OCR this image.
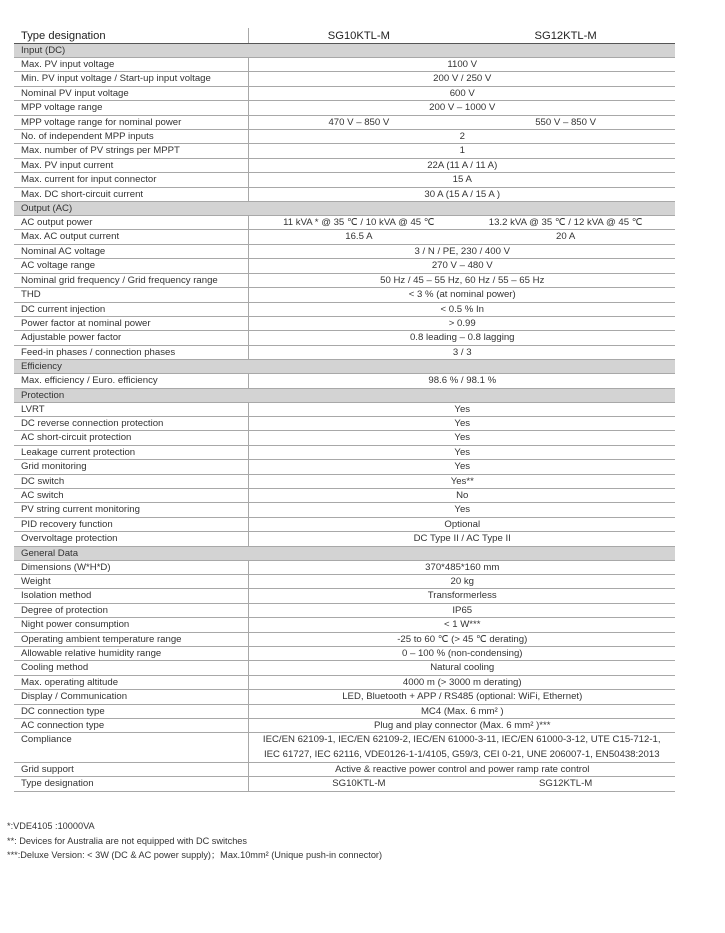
Type designation	SG10KTL-M SG12KTL-M

Input (DC)	
Max. PV input voltage	1100 V
Min. PV input voltage / Start-up input voltage	200 V / 250 V
Nominal PV input voltage	600 V
MPP voltage range	200 V – 1000 V
MPP voltage range for nominal power	470 V – 850 V 550 V – 850 V

No. of independent MPP inputs	2
Max. number of PV strings per MPPT	1
Max. PV input current	22A (11 A / 11 A)
Max. current for input connector	15 A
Max. DC short-circuit current	30 A (15 A / 15 A )
Output (AC)	
AC output power	11 kVA * @ 35 ℃ / 10 kVA @ 45 ℃ 13.2 kVA @ 35 ℃ / 12 kVA @ 45 ℃

Max. AC output current	16.5 A 20 A

Nominal AC voltage	3 / N / PE, 230 / 400 V
AC voltage range	270 V – 480 V
Nominal grid frequency / Grid frequency range	50 Hz / 45 – 55 Hz, 60 Hz / 55 – 65 Hz
THD	< 3 % (at nominal power)
DC current injection	< 0.5 % In
Power factor at nominal power	> 0.99
Adjustable power factor	0.8 leading – 0.8 lagging
Feed-in phases / connection phases	3 / 3
Efficiency	
Max. efficiency / Euro. efficiency	98.6 % / 98.1 %
Protection	
LVRT	Yes
DC reverse connection protection	Yes
AC short-circuit protection	Yes
Leakage current protection	Yes
Grid monitoring	Yes
DC switch	Yes**
AC switch	No
PV string current monitoring	Yes
PID recovery function	Optional
Overvoltage protection	DC Type II / AC Type II
General Data	
Dimensions (W*H*D)	370*485*160 mm
Weight	20 kg
Isolation method	Transformerless
Degree of protection	IP65
Night power consumption	< 1 W***
Operating ambient temperature range	-25 to 60 ℃ (> 45 ℃ derating)
Allowable relative humidity range	0 – 100 % (non-condensing)
Cooling method	Natural cooling
Max. operating altitude	4000 m (> 3000 m derating)
Display / Communication	LED, Bluetooth + APP / RS485 (optional: WiFi, Ethernet)
DC connection type	MC4 (Max. 6 mm² )
AC connection type	Plug and play connector (Max. 6 mm² )***
Compliance	IEC/EN 62109-1, IEC/EN 62109-2, IEC/EN 61000-3-11, IEC/EN 61000-3-12, UTE C15-712-1, IEC 61727, IEC 62116, VDE0126-1-1/4105, G59/3, CEI 0-21, UNE 206007-1, EN50438:2013
Grid support	Active & reactive power control and power ramp rate control
Type designation	SG10KTL-M SG12KTL-M
*:VDE4105 :10000VA
**: Devices for Australia are not equipped with DC switches
***:Deluxe Version: < 3W (DC & AC power supply)；Max.10mm² (Unique push-in connector)
